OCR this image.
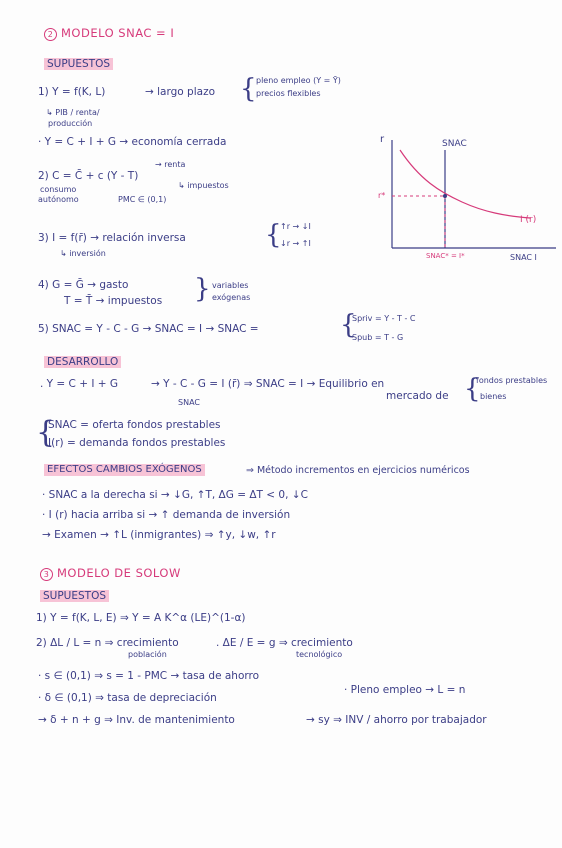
2 MODELO SNAC = I
SUPUESTOS
1) Y = f(K, L)	→ largo plazo { pleno empleo (Y = Ȳ)
precios flexibles
↳ PIB / renta/
producción
· Y = C + I + G → economía cerrada
→ renta
2) C = C̄ + c (Y - T)
↳ impuestos
consumo
autónomo	PMC ∈ (0,1)
3) I = f(r̄) → relación inversa	{
↑r → ↓I
↓r → ↑I
↳ inversión
4) G = Ḡ → gasto
T = T̄ → impuestos } variables
exógenas
5) SNAC = Y - C - G → SNAC = I → SNAC =	{
Spriv = Y - T - C
Spub = T - G
DESARROLLO
. Y = C + I + G	→ Y - C - G = I (r̄) ⇒ SNAC = I → Equilibrio en
SNAC
mercado de {
fondos prestables
bienes
{
SNAC = oferta fondos prestables
I(r) = demanda fondos prestables
EFECTOS CAMBIOS EXÓGENOS	⇒ Método incrementos en ejercicios numéricos
· SNAC a la derecha si → ↓G, ↑T, ΔG = ΔT < 0, ↓C
· I (r) hacia arriba si → ↑ demanda de inversión
→ Examen → ↑L (inmigrantes) ⇒ ↑y, ↓w, ↑r
3 MODELO DE SOLOW
SUPUESTOS
1) Y = f(K, L, E) ⇒ Y = A K^α (LE)^(1-α)
2) ΔL / L = n ⇒ crecimiento
población
. ΔE / E = g ⇒ crecimiento
tecnológico
· s ∈ (0,1) ⇒ s = 1 - PMC → tasa de ahorro
· δ ∈ (0,1) ⇒ tasa de depreciación
· Pleno empleo → L = n
→ δ + n + g ⇒ Inv. de mantenimiento	→ sy ⇒ INV / ahorro por trabajador
r	SNAC
r*
I (r)
SNAC* = I*	SNAC I
